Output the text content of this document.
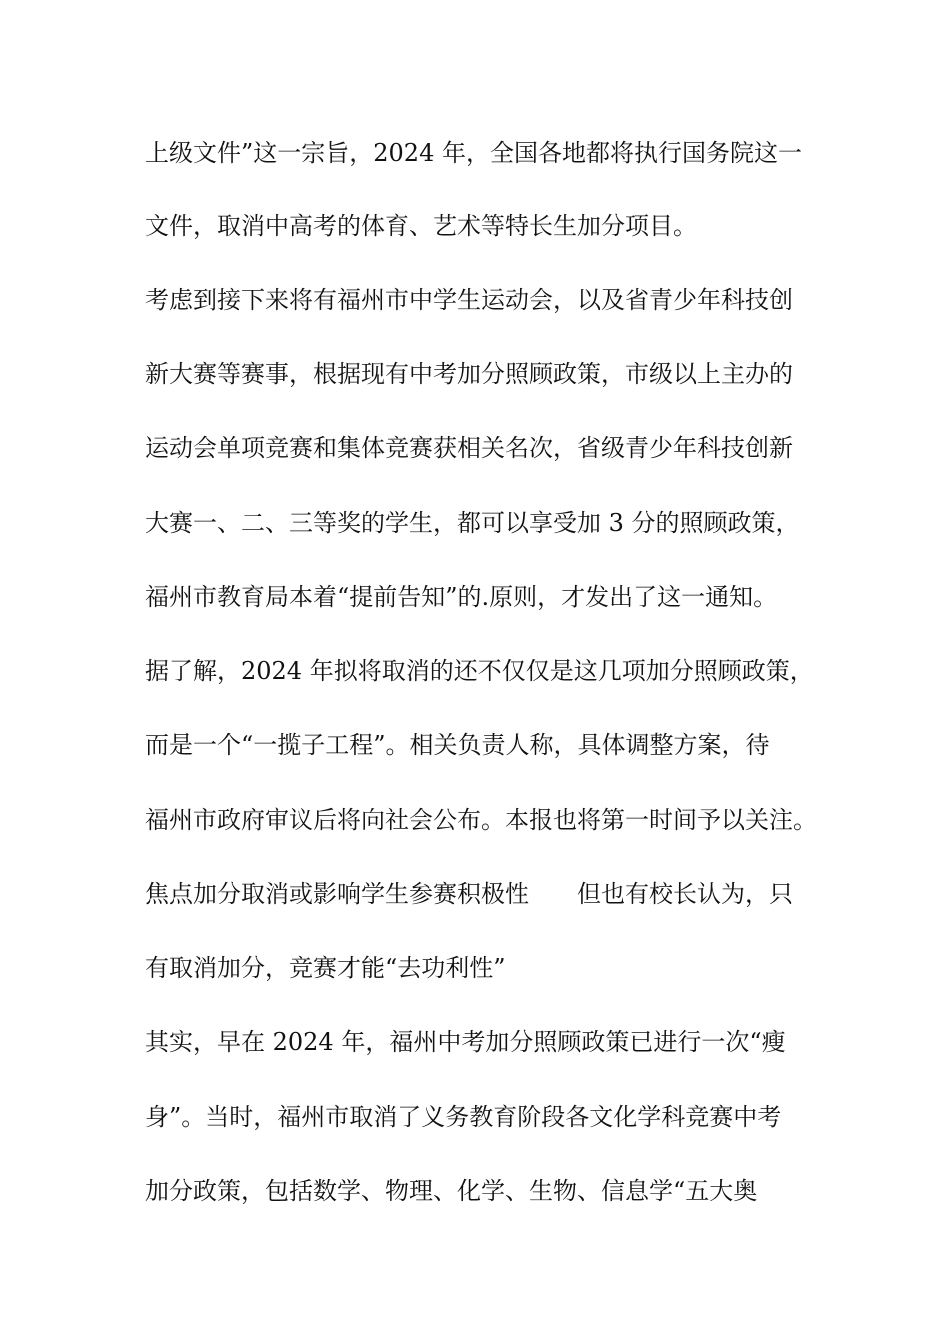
上级文件”这一宗旨，2024 年，全国各地都将执行国务院这一
文件，取消中高考的体育、艺术等特长生加分项目。
考虑到接下来将有福州市中学生运动会，以及省青少年科技创
新大赛等赛事，根据现有中考加分照顾政策，市级以上主办的
运动会单项竞赛和集体竞赛获相关名次，省级青少年科技创新
大赛一、二、三等奖的学生，都可以享受加 3 分的照顾政策，
福州市教育局本着“提前告知”的.原则，才发出了这一通知。
据了解，2024 年拟将取消的还不仅仅是这几项加分照顾政策，
而是一个“一揽子工程”。相关负责人称，具体调整方案，待
福州市政府审议后将向社会公布。本报也将第一时间予以关注。
焦点加分取消或影响学生参赛积极性　　但也有校长认为，只
有取消加分，竞赛才能“去功利性”
其实，早在 2024 年，福州中考加分照顾政策已进行一次“瘦
身”。当时，福州市取消了义务教育阶段各文化学科竞赛中考
加分政策，包括数学、物理、化学、生物、信息学“五大奥
